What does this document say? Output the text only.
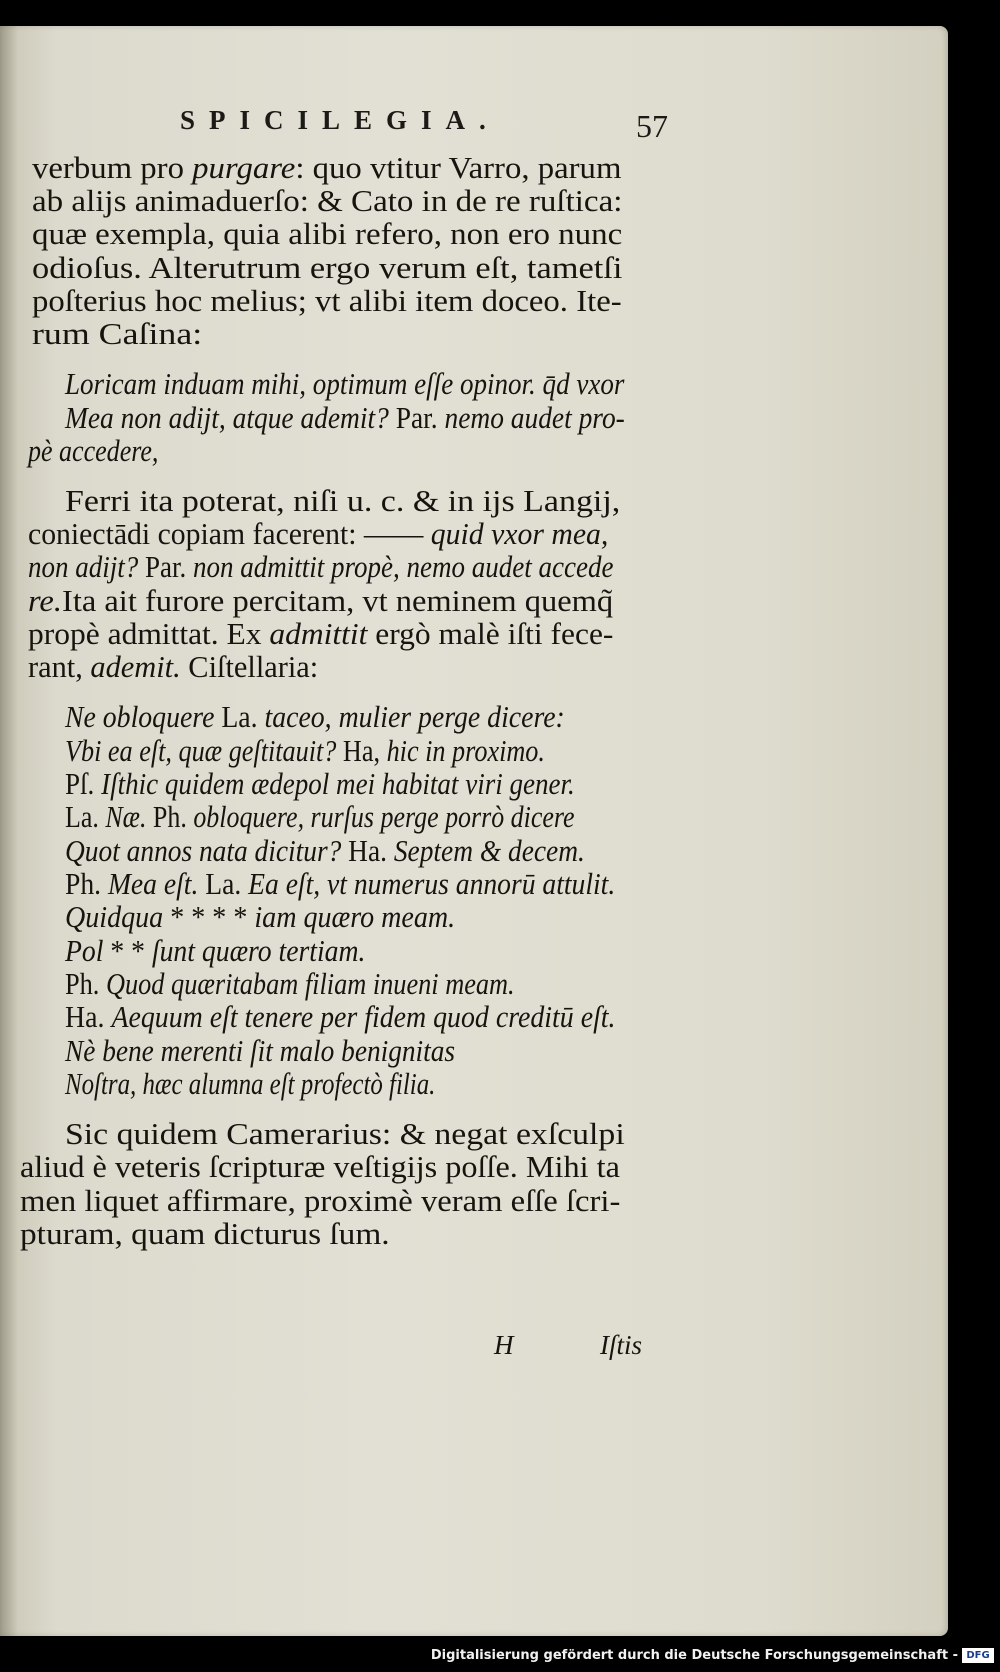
SPICILEGIA.	57
verbum pro purgare: quo vtitur Varro, parum
ab alijs animaduerſo: & Cato in de re ruſtica:
quæ exempla, quia alibi refero, non ero nunc
odioſus. Alterutrum ergo verum eſt, tametſi
poſterius hoc melius; vt alibi item doceo. Ite-
rum Caſina:
Loricam induam mihi, optimum eſſe opinor. q̄d vxor
Mea non adijt, atque ademit? Par. nemo audet pro-
pè accedere,
Ferri ita poterat, niſi u. c. & in ijs Langij,
coniectādi copiam facerent: —— quid vxor mea,
non adijt? Par. non admittit propè, nemo audet accede
re.Ita ait furore percitam, vt neminem quemq̃
propè admittat. Ex admittit ergò malè iſti fece-
rant, ademit. Ciſtellaria:
Ne obloquere La. taceo, mulier perge dicere:
Vbi ea eſt, quæ geſtitauit? Ha, hic in proximo.
Pſ. Iſthic quidem ædepol mei habitat viri gener.
La. Næ. Ph. obloquere, rurſus perge porrò dicere
Quot annos nata dicitur? Ha. Septem & decem.
Ph. Mea eſt. La. Ea eſt, vt numerus annorū attulit.
Quidqua * * * * iam quæro meam.
Pol * * ſunt quæro tertiam.
Ph. Quod quæritabam filiam inueni meam.
Ha. Aequum eſt tenere per fidem quod creditū eſt.
Nè bene merenti ſit malo benignitas
Noſtra, hæc alumna eſt profectò filia.
Sic quidem Camerarius: & negat exſculpi
aliud è veteris ſcripturæ veſtigijs poſſe. Mihi ta
men liquet affirmare, proximè veram eſſe ſcri-
pturam, quam dicturus ſum.
H	Iſtis
Digitalisierung gefördert durch die Deutsche Forschungsgemeinschaft - DFG
